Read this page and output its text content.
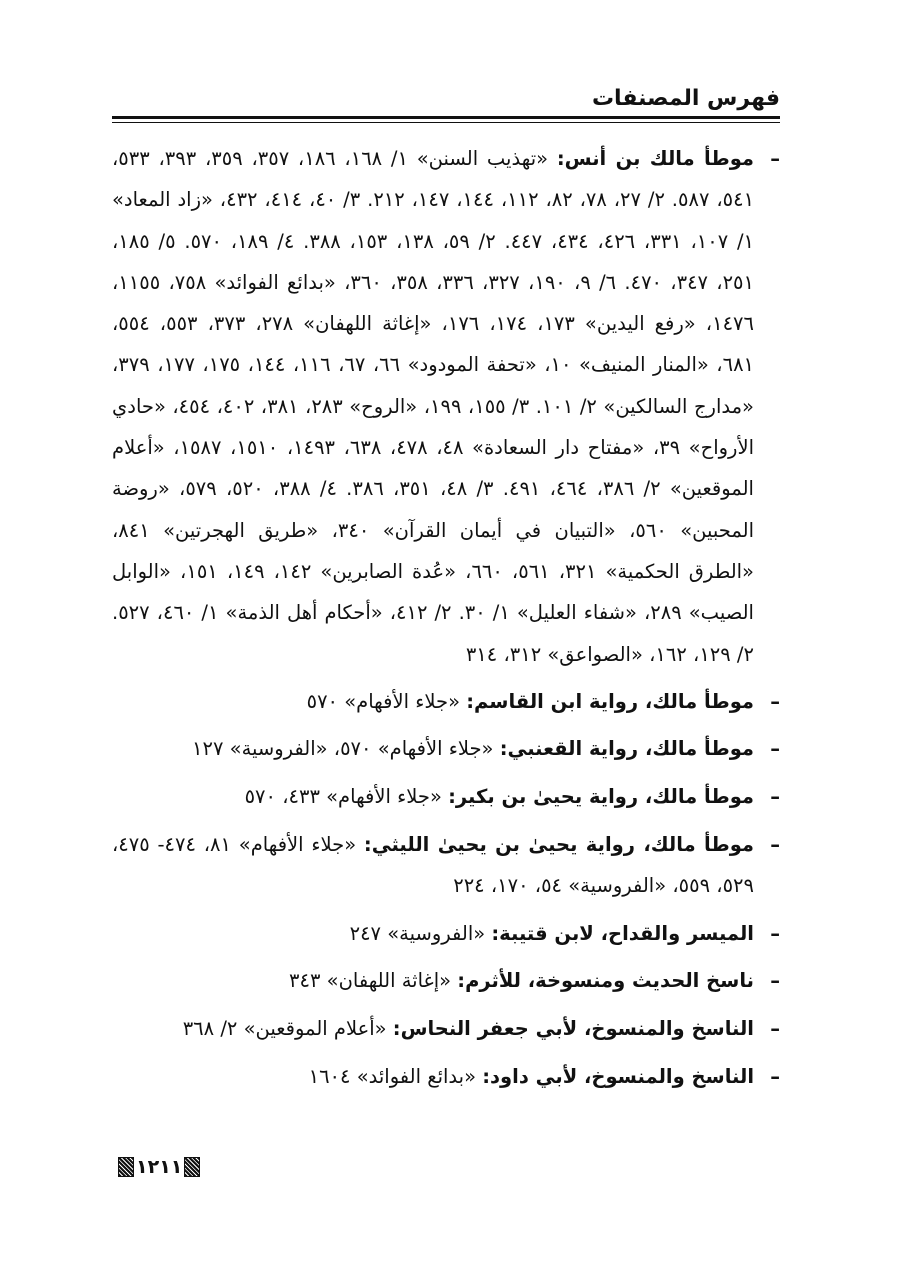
فهرس المصنفات

–
موطأ مالك بن أنس: «تهذيب السنن» ١/ ١٦٨، ١٨٦، ٣٥٧، ٣٥٩، ٣٩٣، ٥٣٣، ٥٤١، ٥٨٧. ٢/ ٢٧، ٧٨، ٨٢، ١١٢، ١٤٤، ١٤٧، ٢١٢. ٣/ ٤٠، ٤١٤، ٤٣٢، «زاد المعاد» ١/ ١٠٧، ٣٣١، ٤٢٦، ٤٣٤، ٤٤٧. ٢/ ٥٩، ١٣٨، ١٥٣، ٣٨٨. ٤/ ١٨٩، ٥٧٠. ٥/ ١٨٥، ٢٥١، ٣٤٧، ٤٧٠. ٦/ ٩، ١٩٠، ٣٢٧، ٣٣٦، ٣٥٨، ٣٦٠، «بدائع الفوائد» ٧٥٨، ١١٥٥، ١٤٧٦، «رفع اليدين» ١٧٣، ١٧٤، ١٧٦، «إغاثة اللهفان» ٢٧٨، ٣٧٣، ٥٥٣، ٥٥٤، ٦٨١، «المنار المنيف» ١٠، «تحفة المودود» ٦٦، ٦٧، ١١٦، ١٤٤، ١٧٥، ١٧٧، ٣٧٩، «مدارج السالكين» ٢/ ١٠١. ٣/ ١٥٥، ١٩٩، «الروح» ٢٨٣، ٣٨١، ٤٠٢، ٤٥٤، «حادي الأرواح» ٣٩، «مفتاح دار السعادة» ٤٨، ٤٧٨، ٦٣٨، ١٤٩٣، ١٥١٠، ١٥٨٧، «أعلام الموقعين» ٢/ ٣٨٦، ٤٦٤، ٤٩١. ٣/ ٤٨، ٣٥١، ٣٨٦. ٤/ ٣٨٨، ٥٢٠، ٥٧٩، «روضة المحبين» ٥٦٠، «التبيان في أيمان القرآن» ٣٤٠، «طريق الهجرتين» ٨٤١، «الطرق الحكمية» ٣٢١، ٥٦١، ٦٦٠، «عُدة الصابرين» ١٤٢، ١٤٩، ١٥١، «الوابل الصيب» ٢٨٩، «شفاء العليل» ١/ ٣٠. ٢/ ٤١٢، «أحكام أهل الذمة» ١/ ٤٦٠، ٥٢٧. ٢/ ١٢٩، ١٦٢، «الصواعق» ٣١٢، ٣١٤

–
موطأ مالك، رواية ابن القاسم: «جلاء الأفهام» ٥٧٠

–
موطأ مالك، رواية القعنبي: «جلاء الأفهام» ٥٧٠، «الفروسية» ١٢٧

–
موطأ مالك، رواية يحيىٰ بن بكير: «جلاء الأفهام» ٤٣٣، ٥٧٠

–
موطأ مالك، رواية يحيىٰ بن يحيىٰ الليثي: «جلاء الأفهام» ٨١، ٤٧٤- ٤٧٥، ٥٢٩، ٥٥٩، «الفروسية» ٥٤، ١٧٠، ٢٢٤

–
الميسر والقداح، لابن قتيبة: «الفروسية» ٢٤٧

–
ناسخ الحديث ومنسوخة، للأثرم: «إغاثة اللهفان» ٣٤٣

–
الناسخ والمنسوخ، لأبي جعفر النحاس: «أعلام الموقعين» ٢/ ٣٦٨

–
الناسخ والمنسوخ، لأبي داود: «بدائع الفوائد» ١٦٠٤

١٢١١
